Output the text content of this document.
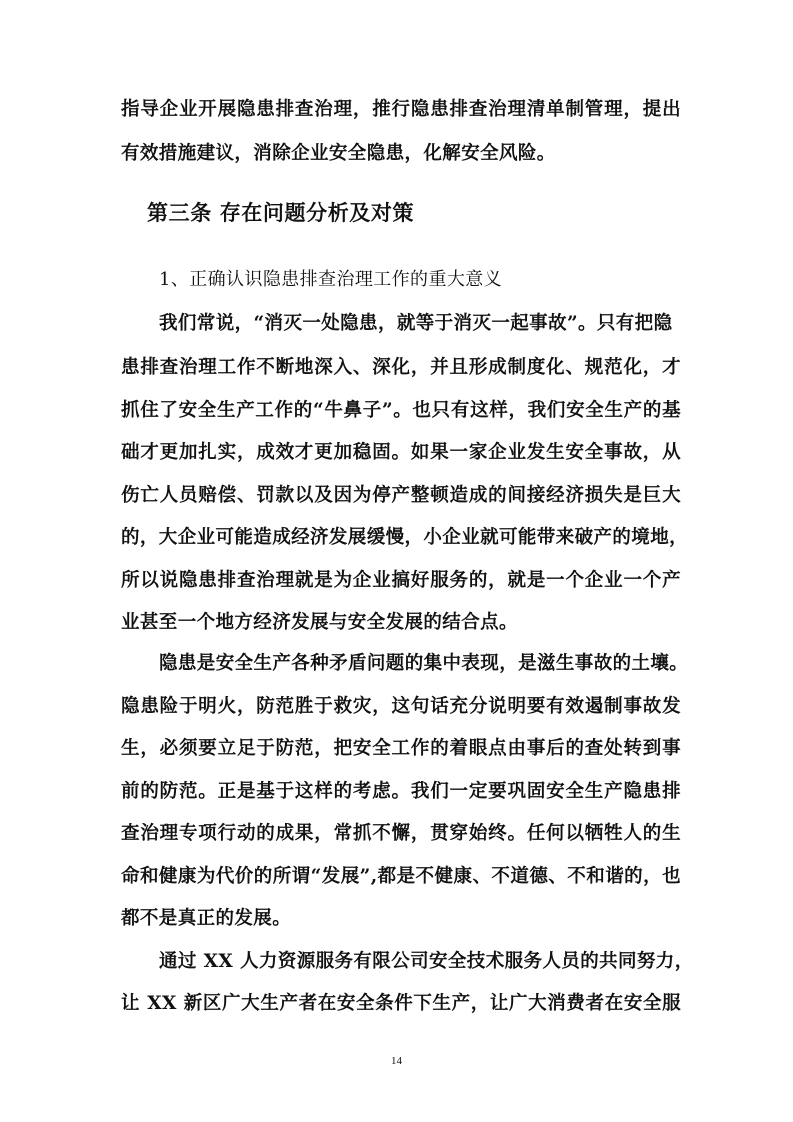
指导企业开展隐患排查治理，推行隐患排查治理清单制管理，提出
有效措施建议，消除企业安全隐患，化解安全风险。
第三条 存在问题分析及对策
1、正确认识隐患排查治理工作的重大意义
我们常说，“消灭一处隐患，就等于消灭一起事故”。只有把隐
患排查治理工作不断地深入、深化，并且形成制度化、规范化，才
抓住了安全生产工作的“牛鼻子”。也只有这样，我们安全生产的基
础才更加扎实，成效才更加稳固。如果一家企业发生安全事故，从
伤亡人员赔偿、罚款以及因为停产整顿造成的间接经济损失是巨大
的，大企业可能造成经济发展缓慢，小企业就可能带来破产的境地，
所以说隐患排查治理就是为企业搞好服务的，就是一个企业一个产
业甚至一个地方经济发展与安全发展的结合点。
隐患是安全生产各种矛盾问题的集中表现，是滋生事故的土壤。
隐患险于明火，防范胜于救灾，这句话充分说明要有效遏制事故发
生，必须要立足于防范，把安全工作的着眼点由事后的查处转到事
前的防范。正是基于这样的考虑。我们一定要巩固安全生产隐患排
查治理专项行动的成果，常抓不懈，贯穿始终。任何以牺牲人的生
命和健康为代价的所谓“发展”,都是不健康、不道德、不和谐的，也
都不是真正的发展。
通过 XX 人力资源服务有限公司安全技术服务人员的共同努力，
让 XX 新区广大生产者在安全条件下生产，让广大消费者在安全服
14
